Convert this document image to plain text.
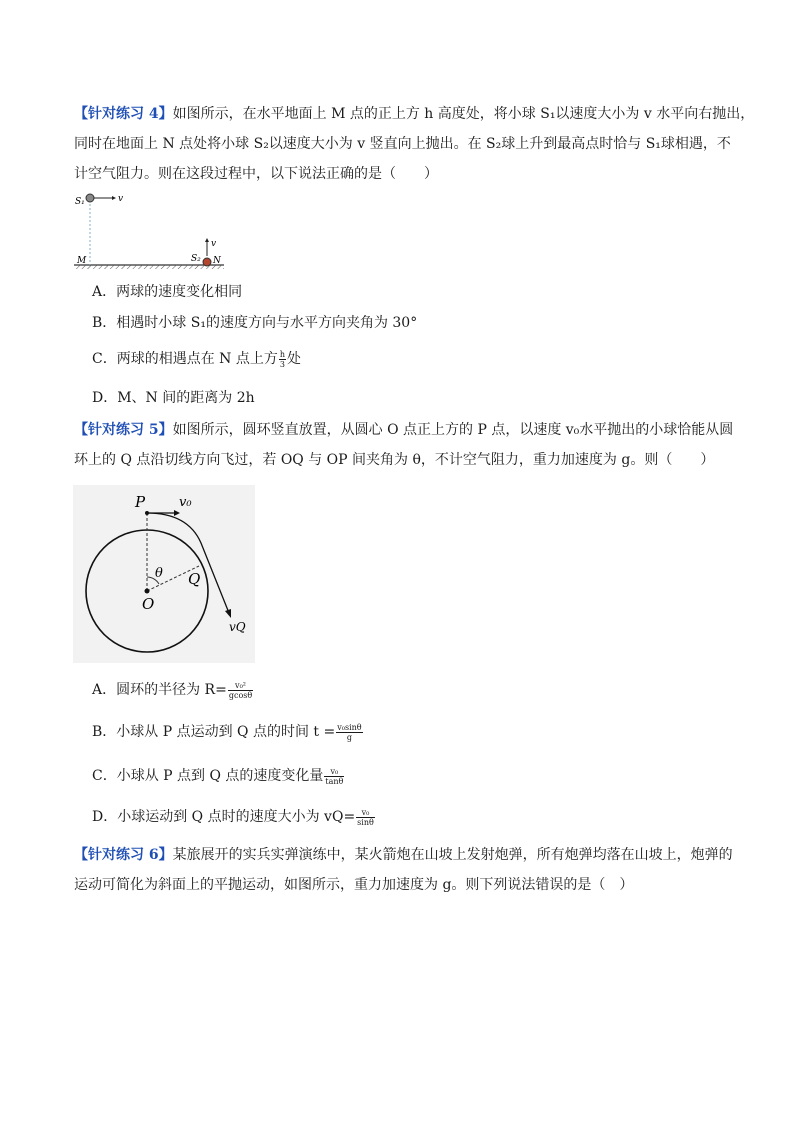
【针对练习 4】如图所示，在水平地面上 M 点的正上方 h 高度处，将小球 S₁以速度大小为 v 水平向右抛出，
同时在地面上 N 点处将小球 S₂以速度大小为 v 竖直向上抛出。在 S₂球上升到最高点时恰与 S₁球相遇，不
计空气阻力。则在这段过程中，以下说法正确的是（　　）
S₁	v
v
M	S₂ N
A．两球的速度变化相同
B．相遇时小球 S₁的速度方向与水平方向夹角为 30°
C．两球的相遇点在 N 点上方 $\frac{h}{3}$ 处
D．M、N 间的距离为 2h
【针对练习 5】如图所示，圆环竖直放置，从圆心 O 点正上方的 P 点，以速度 v₀水平抛出的小球恰能从圆
环上的 Q 点沿切线方向飞过，若 OQ 与 OP 间夹角为 θ，不计空气阻力，重力加速度为 g。则（　　）
P	v₀
θ Q
O
vQ
A．圆环的半径为 $R= \frac{\text{v₀²}}{gcos\theta}$
B．小球从 P 点运动到 Q 点的时间 $t = \frac{\text{v₀sinθ}}{g}$
C．小球从 P 点到 Q 点的速度变化量 $\frac{\text{v₀}}{\tan\theta}$
D．小球运动到 Q 点时的速度大小为 $vQ= \frac{\text{v₀}}{\sin\theta}$
【针对练习 6】某旅展开的实兵实弹演练中，某火箭炮在山坡上发射炮弹，所有炮弹均落在山坡上，炮弹的
运动可简化为斜面上的平抛运动，如图所示，重力加速度为 g。则下列说法错误的是（　）
